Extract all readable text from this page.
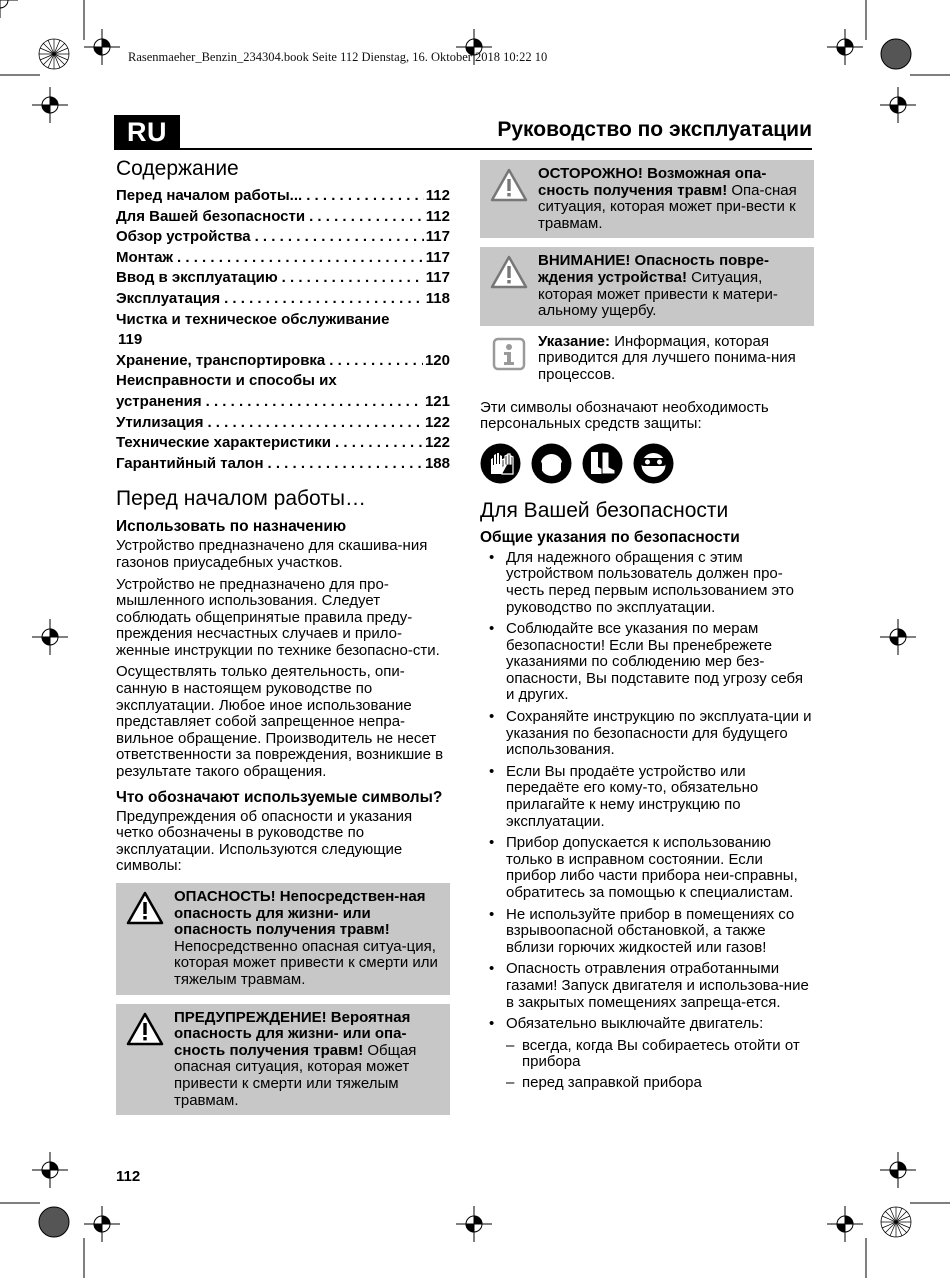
Rasenmaeher_Benzin_234304.book Seite 112 Dienstag, 16. Oktober 2018 10:22 10
RU	Руководство по эксплуатации
Содержание
Перед началом работы... . . .	112
Для Вашей безопасности . . .	112
Обзор устройства . . .	117
Монтаж . . .	117
Ввод в эксплуатацию . . .	117
Эксплуатация . . .	118
Чистка и техническое обслуживание
119
Хранение, транспортировка . . .	120
Неисправности и способы их
устранения . . .	121
Утилизация . . .	122
Технические характеристики . . .	122
Гарантийный талон . . .	188
Перед началом работы…
Использовать по назначению

Устройство предназначено для скашива-ния газонов приусадебных участков.

Устройство не предназначено для про-мышленного использования. Следует соблюдать общепринятые правила преду-преждения несчастных случаев и прило-женные инструкции по технике безопасно-сти.

Осуществлять только деятельность, опи-санную в настоящем руководстве по эксплуатации. Любое иное использование представляет собой запрещенное непра-вильное обращение. Производитель не несет ответственности за повреждения, возникшие в результате такого обращения.

Что обозначают используемые символы?

Предупреждения об опасности и указания четко обозначены в руководстве по эксплуатации. Используются следующие символы:

ОПАСНОСТЬ! Непосредствен-ная опасность для жизни- или опасность получения травм! Непосредственно опасная ситуа-ция, которая может привести к смерти или тяжелым травмам.
ПРЕДУПРЕЖДЕНИЕ! Вероятная опасность для жизни- или опа-сность получения травм! Общая опасная ситуация, которая может привести к смерти или тяжелым травмам.
ОСТОРОЖНО! Возможная опа-сность получения травм! Опа-сная ситуация, которая может при-вести к травмам.
ВНИМАНИЕ! Опасность повре-ждения устройства! Ситуация, которая может привести к матери-альному ущербу.
Указание: Информация, которая приводится для лучшего понима-ния процессов.

Эти символы обозначают необходимость персональных средств защиты:

Для Вашей безопасности
Общие указания по безопасности
• Для надежного обращения с этим устройством пользователь должен про-честь перед первым использованием это руководство по эксплуатации.
• Соблюдайте все указания по мерам безопасности! Если Вы пренебрежете указаниями по соблюдению мер без-опасности, Вы подставите под угрозу себя и других.
• Сохраняйте инструкцию по эксплуата-ции и указания по безопасности для будущего использования.
• Если Вы продаёте устройство или передаёте его кому-то, обязательно прилагайте к нему инструкцию по эксплуатации.
• Прибор допускается к использованию только в исправном состоянии. Если прибор либо части прибора неи-справны, обратитесь за помощью к специалистам.
• Не используйте прибор в помещениях со взрывоопасной обстановкой, а также вблизи горючих жидкостей или газов!
• Опасность отравления отработанными газами! Запуск двигателя и использова-ние в закрытых помещениях запреща-ется.
• Обязательно выключайте двигатель:
– всегда, когда Вы собираетесь отойти от прибора
– перед заправкой прибора
112
